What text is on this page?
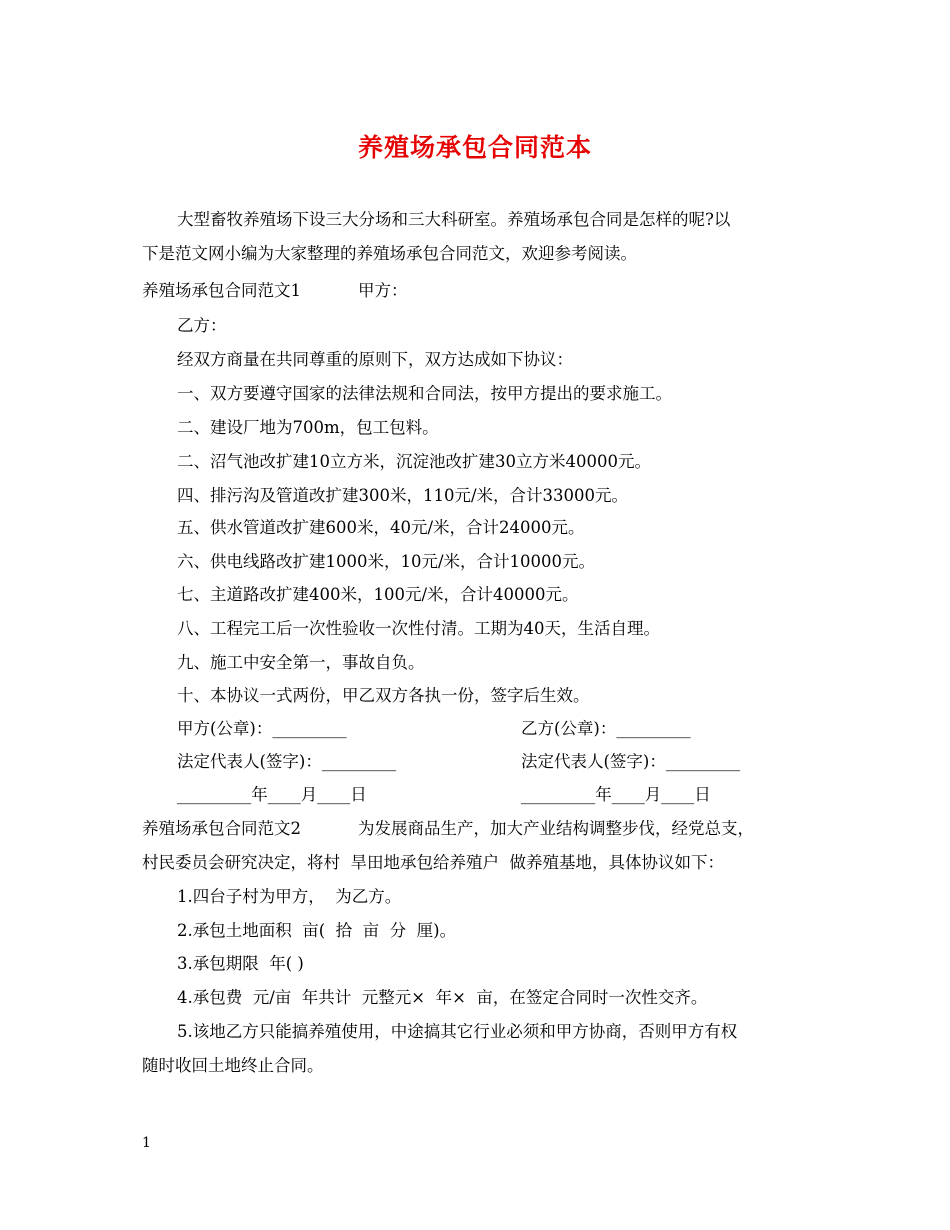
养殖场承包合同范本
大型畜牧养殖场下设三大分场和三大科研室。养殖场承包合同是怎样的呢?以
下是范文网小编为大家整理的养殖场承包合同范文，欢迎参考阅读。
养殖场承包合同范文1	甲方：
乙方：
经双方商量在共同尊重的原则下，双方达成如下协议：
一、双方要遵守国家的法律法规和合同法，按甲方提出的要求施工。
二、建设厂地为700m，包工包料。
二、沼气池改扩建10立方米，沉淀池改扩建30立方米40000元。
四、排污沟及管道改扩建300米，110元/米，合计33000元。
五、供水管道改扩建600米，40元/米，合计24000元。
六、供电线路改扩建1000米，10元/米，合计10000元。
七、主道路改扩建400米，100元/米，合计40000元。
八、工程完工后一次性验收一次性付清。工期为40天，生活自理。
九、施工中安全第一，事故自负。
十、本协议一式两份，甲乙双方各执一份，签字后生效。
甲方(公章)：_________	乙方(公章)：_________
法定代表人(签字)：_________	法定代表人(签字)：_________
_________年____月____日	_________年____月____日
养殖场承包合同范文2	为发展商品生产，加大产业结构调整步伐，经党总支，
村民委员会研究决定，将村  旱田地承包给养殖户  做养殖基地，具体协议如下：
1.四台子村为甲方，  为乙方。
2.承包土地面积  亩(  拾  亩  分  厘)。
3.承包期限  年( )
4.承包费  元/亩  年共计  元整元×  年×  亩，在签定合同时一次性交齐。
5.该地乙方只能搞养殖使用，中途搞其它行业必须和甲方协商，否则甲方有权
随时收回土地终止合同。
1
